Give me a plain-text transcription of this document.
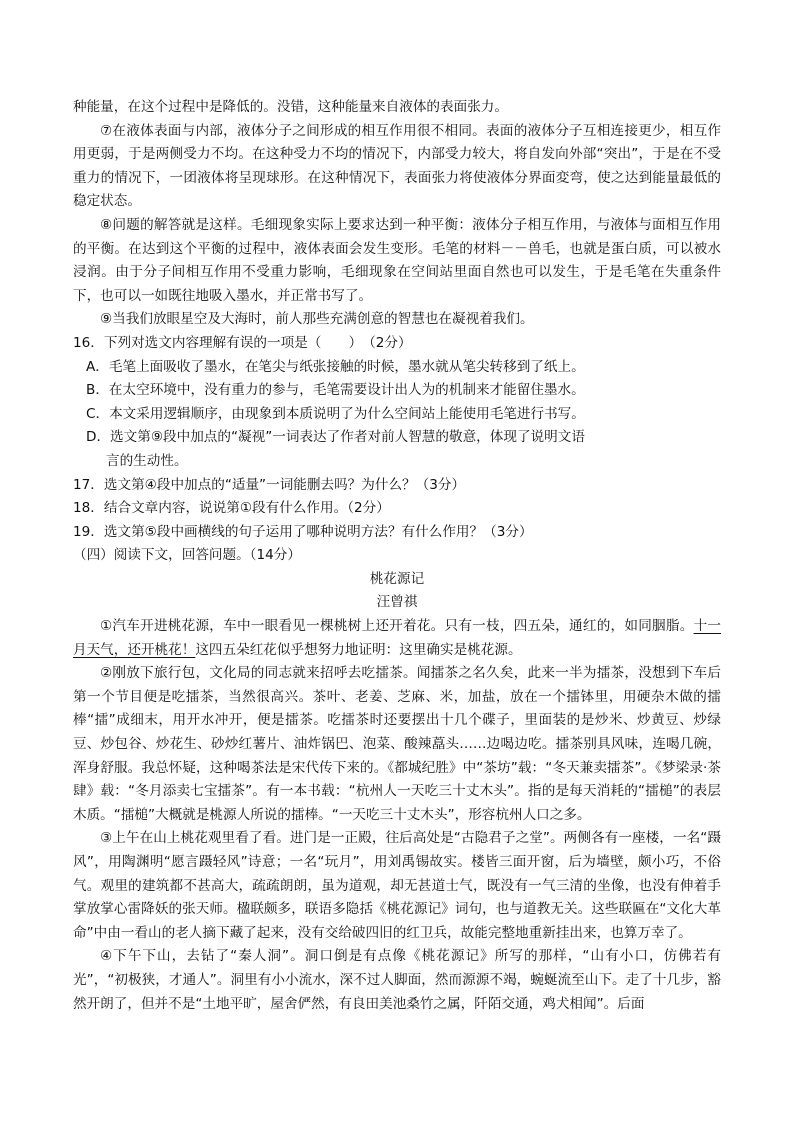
种能量，在这个过程中是降低的。没错，这种能量来自液体的表面张力。

⑦在液体表面与内部，液体分子之间形成的相互作用很不相同。表面的液体分子互相连接更少，相互作用更弱，于是两侧受力不均。在这种受力不均的情况下，内部受力较大，将自发向外部“突出”，于是在不受重力的情况下，一团液体将呈现球形。在这种情况下，表面张力将使液体分界面変弯，使之达到能量最低的稳定状态。

⑧问题的解答就是这样。毛细现象实际上要求达到一种平衡：液体分子相互作用，与液体与面相互作用的平衡。在达到这个平衡的过程中，液体表面会发生变形。毛笔的材料－－兽毛，也就是蛋白质，可以被水浸润。由于分子间相互作用不受重力影响，毛细现象在空间站里面自然也可以发生，于是毛笔在失重条件下，也可以一如既往地吸入墨水，并正常书写了。

⑨当我们放眼星空及大海时，前人那些充满创意的智慧也在凝视着我们。

16．下列对选文内容理解有误的一项是（　　）　（2分）

A．毛笔上面吸收了墨水，在笔尖与纸张接触的时候，墨水就从笔尖转移到了纸上。

B．在太空环境中，没有重力的参与，毛笔需要设计出人为的机制来才能留住墨水。

C．本文采用逻辑顺序，由现象到本质说明了为什么空间站上能使用毛笔进行书写。

D．选文第⑨段中加点的“凝视”一词表达了作者对前人智慧的敬意，体现了说明文语

言的生动性。

17．选文第④段中加点的“适量”一词能删去吗？为什么？（3分）

18．结合文章内容，说说第①段有什么作用。（2分）

19．选文第⑤段中画横线的句子运用了哪种说明方法？有什么作用？（3分）

（四）阅读下文，回答问题。（14分）

桃花源记

汪曾祺

①汽车开进桃花源，车中一眼看见一棵桃树上还开着花。只有一枝，四五朵，通红的，如同胭脂。十一月天气，还开桃花！这四五朵红花似乎想努力地证明：这里确实是桃花源。

②刚放下旅行包，文化局的同志就来招呼去吃擂茶。闻擂茶之名久矣，此来一半为擂茶，没想到下车后第一个节目便是吃擂茶，当然很高兴。茶叶、老姜、芝麻、米，加盐，放在一个擂钵里，用硬杂木做的擂棒“擂”成细末，用开水冲开，便是擂茶。吃擂茶时还要摆出十几个碟子，里面装的是炒米、炒黄豆、炒绿豆、炒包谷、炒花生、砂炒红薯片、油炸锅巴、泡菜、酸辣藠头……边喝边吃。擂茶别具风味，连喝几碗，浑身舒服。我总怀疑，这种喝茶法是宋代传下来的。《都城纪胜》中“茶坊”载：“冬天兼卖擂茶”。《梦梁录·茶肆》载：“冬月添卖七宝擂茶”。有一本书载：“杭州人一天吃三十丈木头”。指的是每天消耗的“擂槌”的表层木质。“擂槌”大概就是桃源人所说的擂棒。“一天吃三十丈木头”，形容杭州人口之多。

③上午在山上桃花观里看了看。进门是一正殿，往后高处是“古隐君子之堂”。两侧各有一座楼，一名“蹑风”，用陶渊明“愿言蹑轻风”诗意；一名“玩月”，用刘禹锡故实。楼皆三面开窗，后为墙壁，颇小巧，不俗气。观里的建筑都不甚高大，疏疏朗朗，虽为道观，却无甚道士气，既没有一气三清的坐像，也没有伸着手掌放掌心雷降妖的张天师。楹联颇多，联语多隐括《桃花源记》词句，也与道教无关。这些联匾在“文化大革命”中由一看山的老人摘下藏了起来，没有交给破四旧的红卫兵，故能完整地重新挂出来，也算万幸了。

④下午下山，去钻了“秦人洞”。洞口倒是有点像《桃花源记》所写的那样，“山有小口，仿佛若有光”，“初极狭，才通人”。洞里有小小流水，深不过人脚面，然而源源不竭，蜿蜒流至山下。走了十几步，豁然开朗了，但并不是“土地平旷，屋舍俨然，有良田美池桑竹之属，阡陌交通，鸡犬相闻”。后面
